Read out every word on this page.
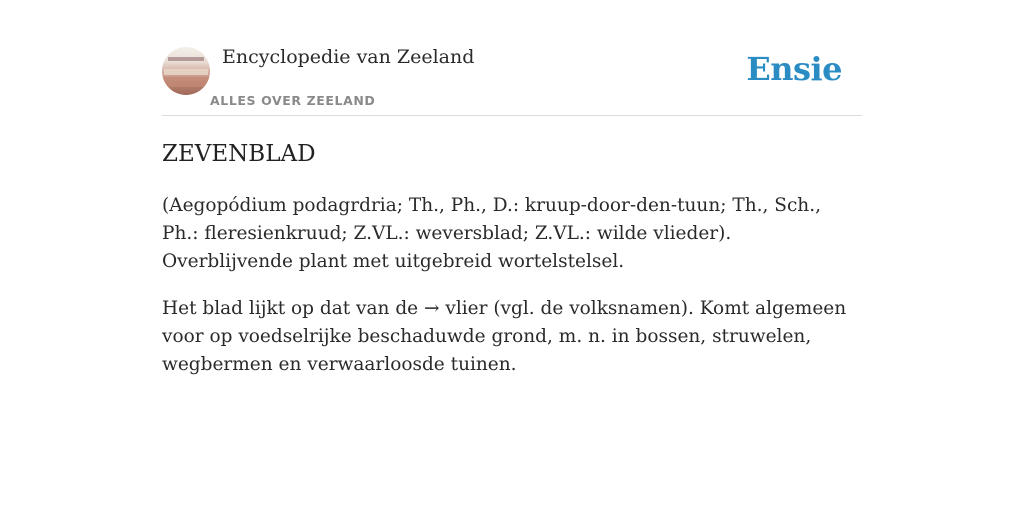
Encyclopedie van Zeeland
ALLES OVER ZEELAND
Ensie
ZEVENBLAD

(Aegopódium podagrdria; Th., Ph., D.: kruup-door-den-tuun; Th., Sch., Ph.: fleresienkruud; Z.VL.: weversblad; Z.VL.: wilde vlieder). Overblijvende plant met uitgebreid wortelstelsel.

Het blad lijkt op dat van de → vlier (vgl. de volksnamen). Komt algemeen voor op voedselrijke beschaduwde grond, m. n. in bossen, struwelen, wegbermen en verwaarloosde tuinen.
